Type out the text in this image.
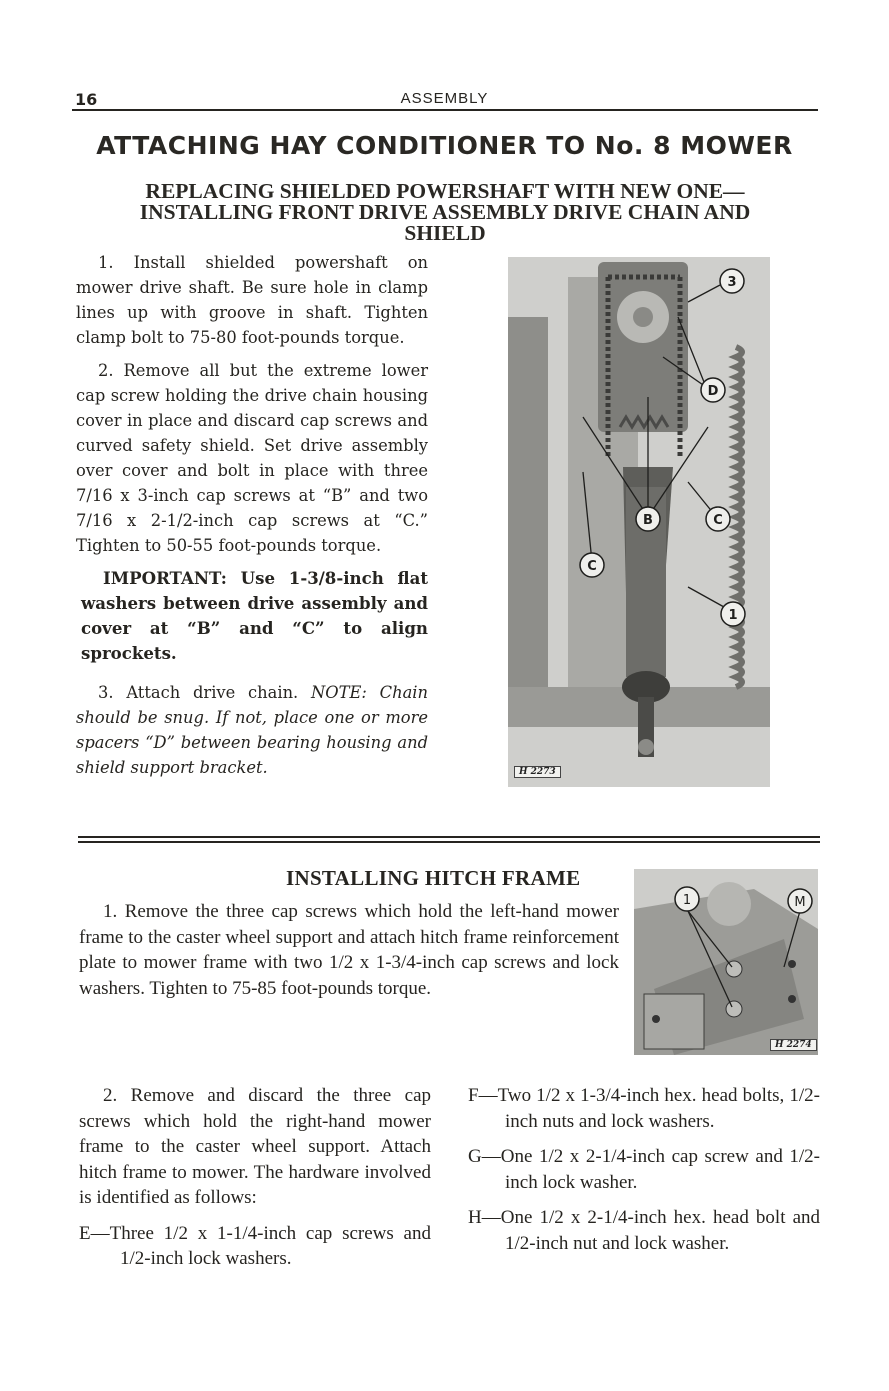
16	ASSEMBLY
ATTACHING HAY CONDITIONER TO No. 8 MOWER
REPLACING SHIELDED POWERSHAFT WITH NEW ONE—
INSTALLING FRONT DRIVE ASSEMBLY DRIVE CHAIN AND
SHIELD

1. Install shielded powershaft on mower drive shaft. Be sure hole in clamp lines up with groove in shaft. Tighten clamp bolt to 75-80 foot-pounds torque.

2. Remove all but the extreme lower cap screw holding the drive chain housing cover in place and discard cap screws and curved safety shield. Set drive assembly over cover and bolt in place with three 7/16 x 3-inch cap screws at “B” and two 7/16 x 2-1/2-inch cap screws at “C.” Tighten to 50-55 foot-pounds torque.

IMPORTANT: Use 1-3/8-inch flat washers between drive assembly and cover at “B” and “C” to align sprockets.

3. Attach drive chain. NOTE: Chain should be snug. If not, place one or more spacers “D” between bearing housing and shield support bracket.

3
D
B	C
C
1
H 2273
INSTALLING HITCH FRAME

1. Remove the three cap screws which hold the left-hand mower frame to the caster wheel support and attach hitch frame reinforcement plate to mower frame with two 1/2 x 1-3/4-inch cap screws and lock washers. Tighten to 75-85 foot-pounds torque.

1	M
H 2274

2. Remove and discard the three cap screws which hold the right-hand mower frame to the caster wheel support. Attach hitch frame to mower. The hardware involved is identified as follows:

E—Three 1/2 x 1-1/4-inch cap screws and 1/2-inch lock washers.

F—Two 1/2 x 1-3/4-inch hex. head bolts, 1/2-inch nuts and lock washers.

G—One 1/2 x 2-1/4-inch cap screw and 1/2-inch lock washer.

H—One 1/2 x 2-1/4-inch hex. head bolt and 1/2-inch nut and lock washer.
